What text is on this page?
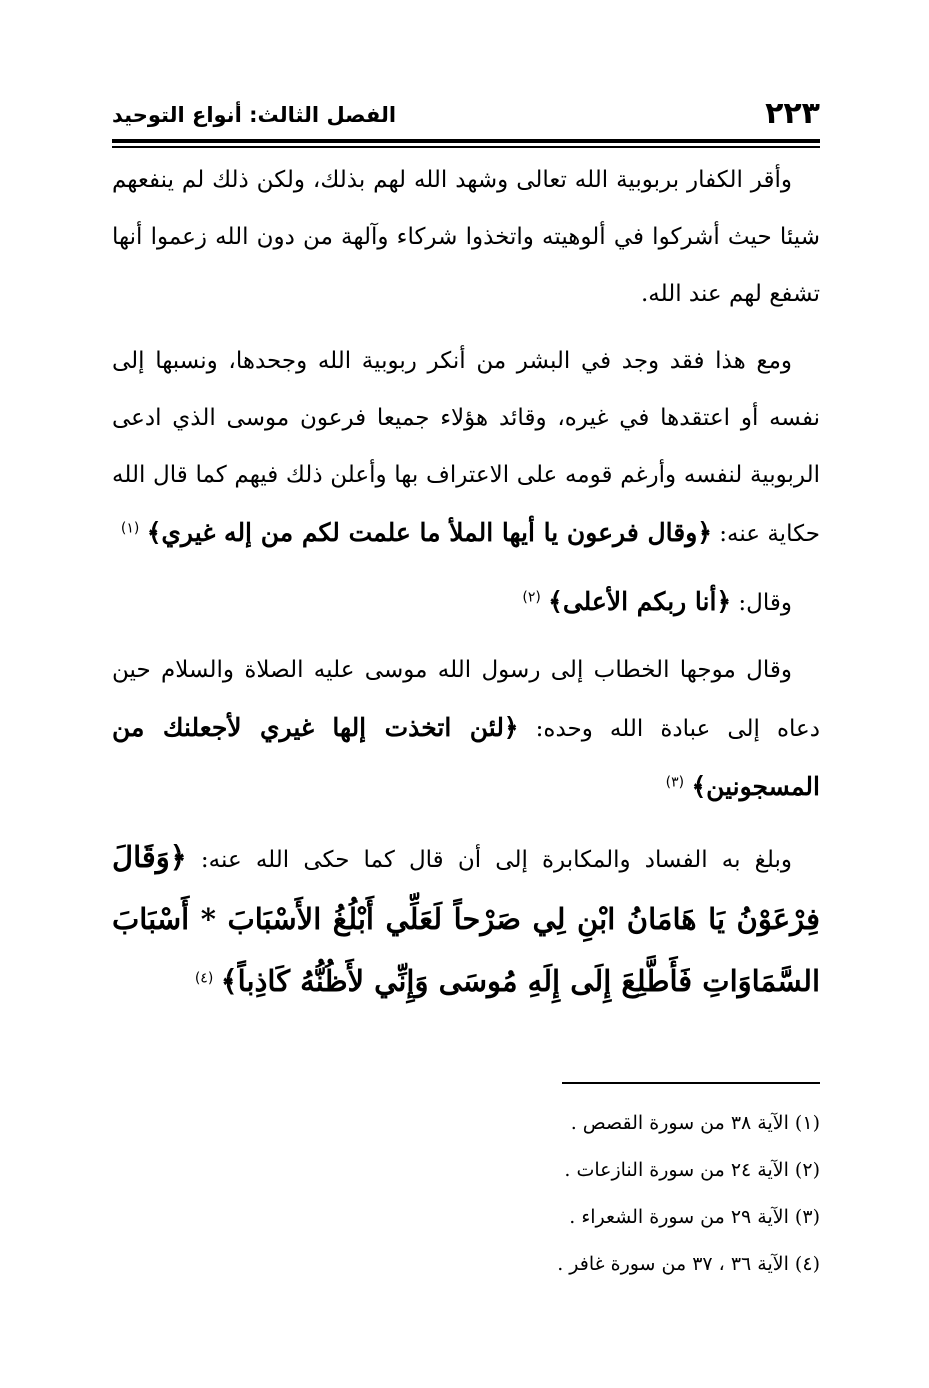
٢٢٣
الفصل الثالث: أنواع التوحيد

وأقر الكفار بربوبية الله تعالى وشهد الله لهم بذلك، ولكن ذلك لم ينفعهم شيئا حيث أشركوا في ألوهيته واتخذوا شركاء وآلهة من دون الله زعموا أنها تشفع لهم عند الله.

ومع هذا فقد وجد في البشر من أنكر ربوبية الله وجحدها، ونسبها إلى نفسه أو اعتقدها في غيره، وقائد هؤلاء جميعا فرعون موسى الذي ادعى الربوبية لنفسه وأرغم قومه على الاعتراف بها وأعلن ذلك فيهم كما قال الله حكاية عنه: ﴿وقال فرعون يا أيها الملأ ما علمت لكم من إله غيري﴾ $^{(١)}$

وقال: ﴿أنا ربكم الأعلى﴾ $^{(٢)}$

وقال موجها الخطاب إلى رسول الله موسى عليه الصلاة والسلام حين دعاه إلى عبادة الله وحده: ﴿لئن اتخذت إلها غيري لأجعلنك من المسجونين﴾ $^{(٣)}$

وبلغ به الفساد والمكابرة إلى أن قال كما حكى الله عنه: ﴿وَقَالَ فِرْعَوْنُ يَا هَامَانُ ابْنِ لِي صَرْحاً لَعَلِّي أَبْلُغُ الأَسْبَابَ * أَسْبَابَ السَّمَاوَاتِ فَأَطَّلِعَ إِلَى إِلَهِ مُوسَى وَإِنِّي لأَظُنُّهُ كَاذِباً﴾ $^{(٤)}$

(١) الآية ٣٨ من سورة القصص .

(٢) الآية ٢٤ من سورة النازعات .

(٣) الآية ٢٩ من سورة الشعراء .

(٤) الآية ٣٦ ، ٣٧ من سورة غافر .
